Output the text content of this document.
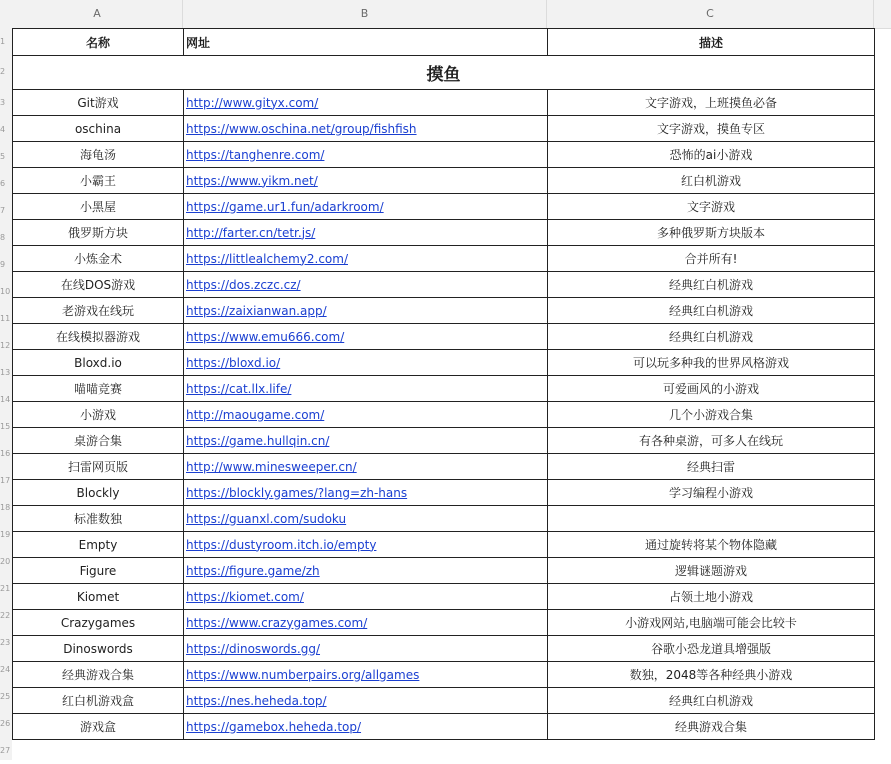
A	B	C
1
2
3
4
5
6
7
8
9
10
11
12
13
14
15
16
17
18
19
20
21
22
23
24
25
26
27
名称	网址	描述
摸鱼		
Git游戏	http://www.gityx.com/	文字游戏，上班摸鱼必备
oschina	https://www.oschina.net/group/fishfish	文字游戏，摸鱼专区
海龟汤	https://tanghenre.com/	恐怖的ai小游戏
小霸王	https://www.yikm.net/	红白机游戏
小黑屋	https://game.ur1.fun/adarkroom/	文字游戏
俄罗斯方块	http://farter.cn/tetr.js/	多种俄罗斯方块版本
小炼金术	https://littlealchemy2.com/	合并所有!
在线DOS游戏	https://dos.zczc.cz/	经典红白机游戏
老游戏在线玩	https://zaixianwan.app/	经典红白机游戏
在线模拟器游戏	https://www.emu666.com/	经典红白机游戏
Bloxd.io	https://bloxd.io/	可以玩多种我的世界风格游戏
喵喵竞赛	https://cat.llx.life/	可爱画风的小游戏
小游戏	http://maougame.com/	几个小游戏合集
桌游合集	https://game.hullqin.cn/	有各种桌游，可多人在线玩
扫雷网页版	http://www.minesweeper.cn/	经典扫雷
Blockly	https://blockly.games/?lang=zh-hans	学习编程小游戏
标准数独	https://guanxl.com/sudoku	
Empty	https://dustyroom.itch.io/empty	通过旋转将某个物体隐藏
Figure	https://figure.game/zh	逻辑谜题游戏
Kiomet	https://kiomet.com/	占领土地小游戏
Crazygames	https://www.crazygames.com/	小游戏网站,电脑端可能会比较卡
Dinoswords	https://dinoswords.gg/	谷歌小恐龙道具增强版
经典游戏合集	https://www.numberpairs.org/allgames	数独，2048等各种经典小游戏
红白机游戏盒	https://nes.heheda.top/	经典红白机游戏
游戏盒	https://gamebox.heheda.top/	经典游戏合集
